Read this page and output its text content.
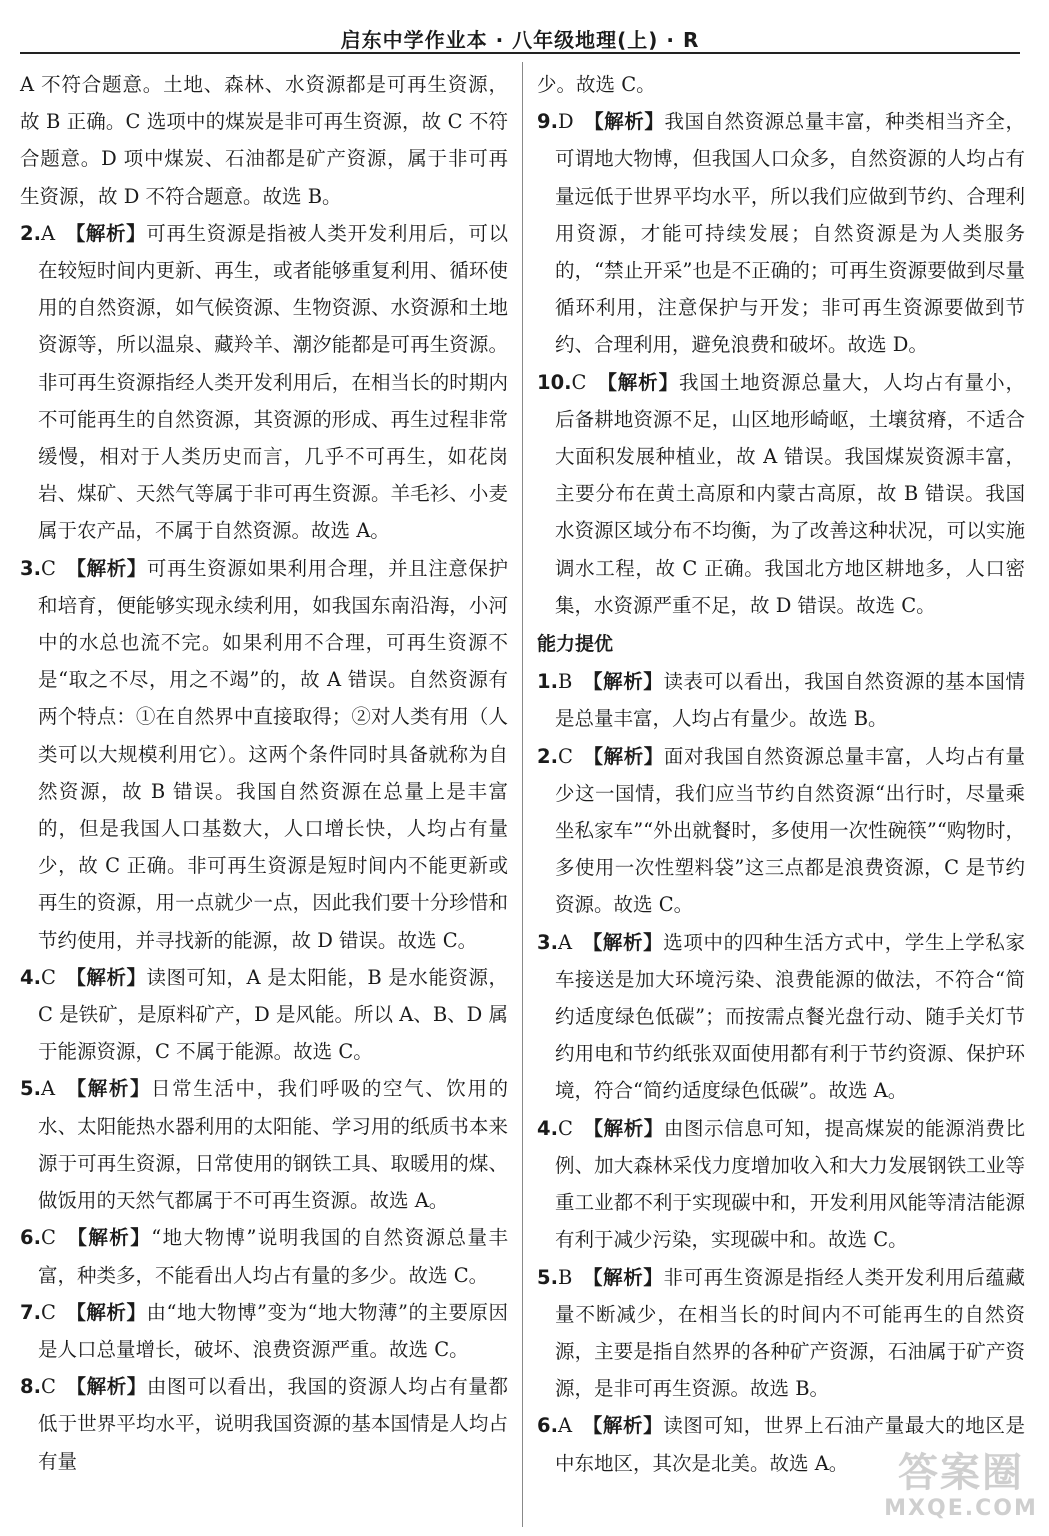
启东中学作业本 · 八年级地理(上) · R

A 不符合题意。土地、森林、水资源都是可再生资源，故 B 正确。C 选项中的煤炭是非可再生资源，故 C 不符合题意。D 项中煤炭、石油都是矿产资源，属于非可再生资源，故 D 不符合题意。故选 B。

2.A 【解析】可再生资源是指被人类开发利用后，可以在较短时间内更新、再生，或者能够重复利用、循环使用的自然资源，如气候资源、生物资源、水资源和土地资源等，所以温泉、藏羚羊、潮汐能都是可再生资源。非可再生资源指经人类开发利用后，在相当长的时期内不可能再生的自然资源，其资源的形成、再生过程非常缓慢，相对于人类历史而言，几乎不可再生，如花岗岩、煤矿、天然气等属于非可再生资源。羊毛衫、小麦属于农产品，不属于自然资源。故选 A。

3.C 【解析】可再生资源如果利用合理，并且注意保护和培育，便能够实现永续利用，如我国东南沿海，小河中的水总也流不完。如果利用不合理，可再生资源不是“取之不尽，用之不竭”的，故 A 错误。自然资源有两个特点：①在自然界中直接取得；②对人类有用（人类可以大规模利用它）。这两个条件同时具备就称为自然资源，故 B 错误。我国自然资源在总量上是丰富的，但是我国人口基数大，人口增长快，人均占有量少，故 C 正确。非可再生资源是短时间内不能更新或再生的资源，用一点就少一点，因此我们要十分珍惜和节约使用，并寻找新的能源，故 D 错误。故选 C。

4.C 【解析】读图可知，A 是太阳能，B 是水能资源，C 是铁矿，是原料矿产，D 是风能。所以 A、B、D 属于能源资源，C 不属于能源。故选 C。

5.A 【解析】日常生活中，我们呼吸的空气、饮用的水、太阳能热水器利用的太阳能、学习用的纸质书本来源于可再生资源，日常使用的钢铁工具、取暖用的煤、做饭用的天然气都属于不可再生资源。故选 A。

6.C 【解析】“地大物博”说明我国的自然资源总量丰富，种类多，不能看出人均占有量的多少。故选 C。

7.C 【解析】由“地大物博”变为“地大物薄”的主要原因是人口总量增长，破坏、浪费资源严重。故选 C。

8.C 【解析】由图可以看出，我国的资源人均占有量都低于世界平均水平，说明我国资源的基本国情是人均占有量

少。故选 C。

9.D 【解析】我国自然资源总量丰富，种类相当齐全，可谓地大物博，但我国人口众多，自然资源的人均占有量远低于世界平均水平，所以我们应做到节约、合理利用资源，才能可持续发展；自然资源是为人类服务的，“禁止开采”也是不正确的；可再生资源要做到尽量循环利用，注意保护与开发；非可再生资源要做到节约、合理利用，避免浪费和破坏。故选 D。

10.C 【解析】我国土地资源总量大，人均占有量小，后备耕地资源不足，山区地形崎岖，土壤贫瘠，不适合大面积发展种植业，故 A 错误。我国煤炭资源丰富，主要分布在黄土高原和内蒙古高原，故 B 错误。我国水资源区域分布不均衡，为了改善这种状况，可以实施调水工程，故 C 正确。我国北方地区耕地多，人口密集，水资源严重不足，故 D 错误。故选 C。

能力提优

1.B 【解析】读表可以看出，我国自然资源的基本国情是总量丰富，人均占有量少。故选 B。

2.C 【解析】面对我国自然资源总量丰富，人均占有量少这一国情，我们应当节约自然资源“出行时，尽量乘坐私家车”“外出就餐时，多使用一次性碗筷”“购物时，多使用一次性塑料袋”这三点都是浪费资源，C 是节约资源。故选 C。

3.A 【解析】选项中的四种生活方式中，学生上学私家车接送是加大环境污染、浪费能源的做法，不符合“简约适度绿色低碳”；而按需点餐光盘行动、随手关灯节约用电和节约纸张双面使用都有利于节约资源、保护环境，符合“简约适度绿色低碳”。故选 A。

4.C 【解析】由图示信息可知，提高煤炭的能源消费比例、加大森林采伐力度增加收入和大力发展钢铁工业等重工业都不利于实现碳中和，开发利用风能等清洁能源有利于减少污染，实现碳中和。故选 C。

5.B 【解析】非可再生资源是指经人类开发利用后蕴藏量不断减少，在相当长的时间内不可能再生的自然资源，主要是指自然界的各种矿产资源，石油属于矿产资源，是非可再生资源。故选 B。

6.A 【解析】读图可知，世界上石油产量最大的地区是中东地区，其次是北美。故选 A。	答案圈
MXQE.COM
